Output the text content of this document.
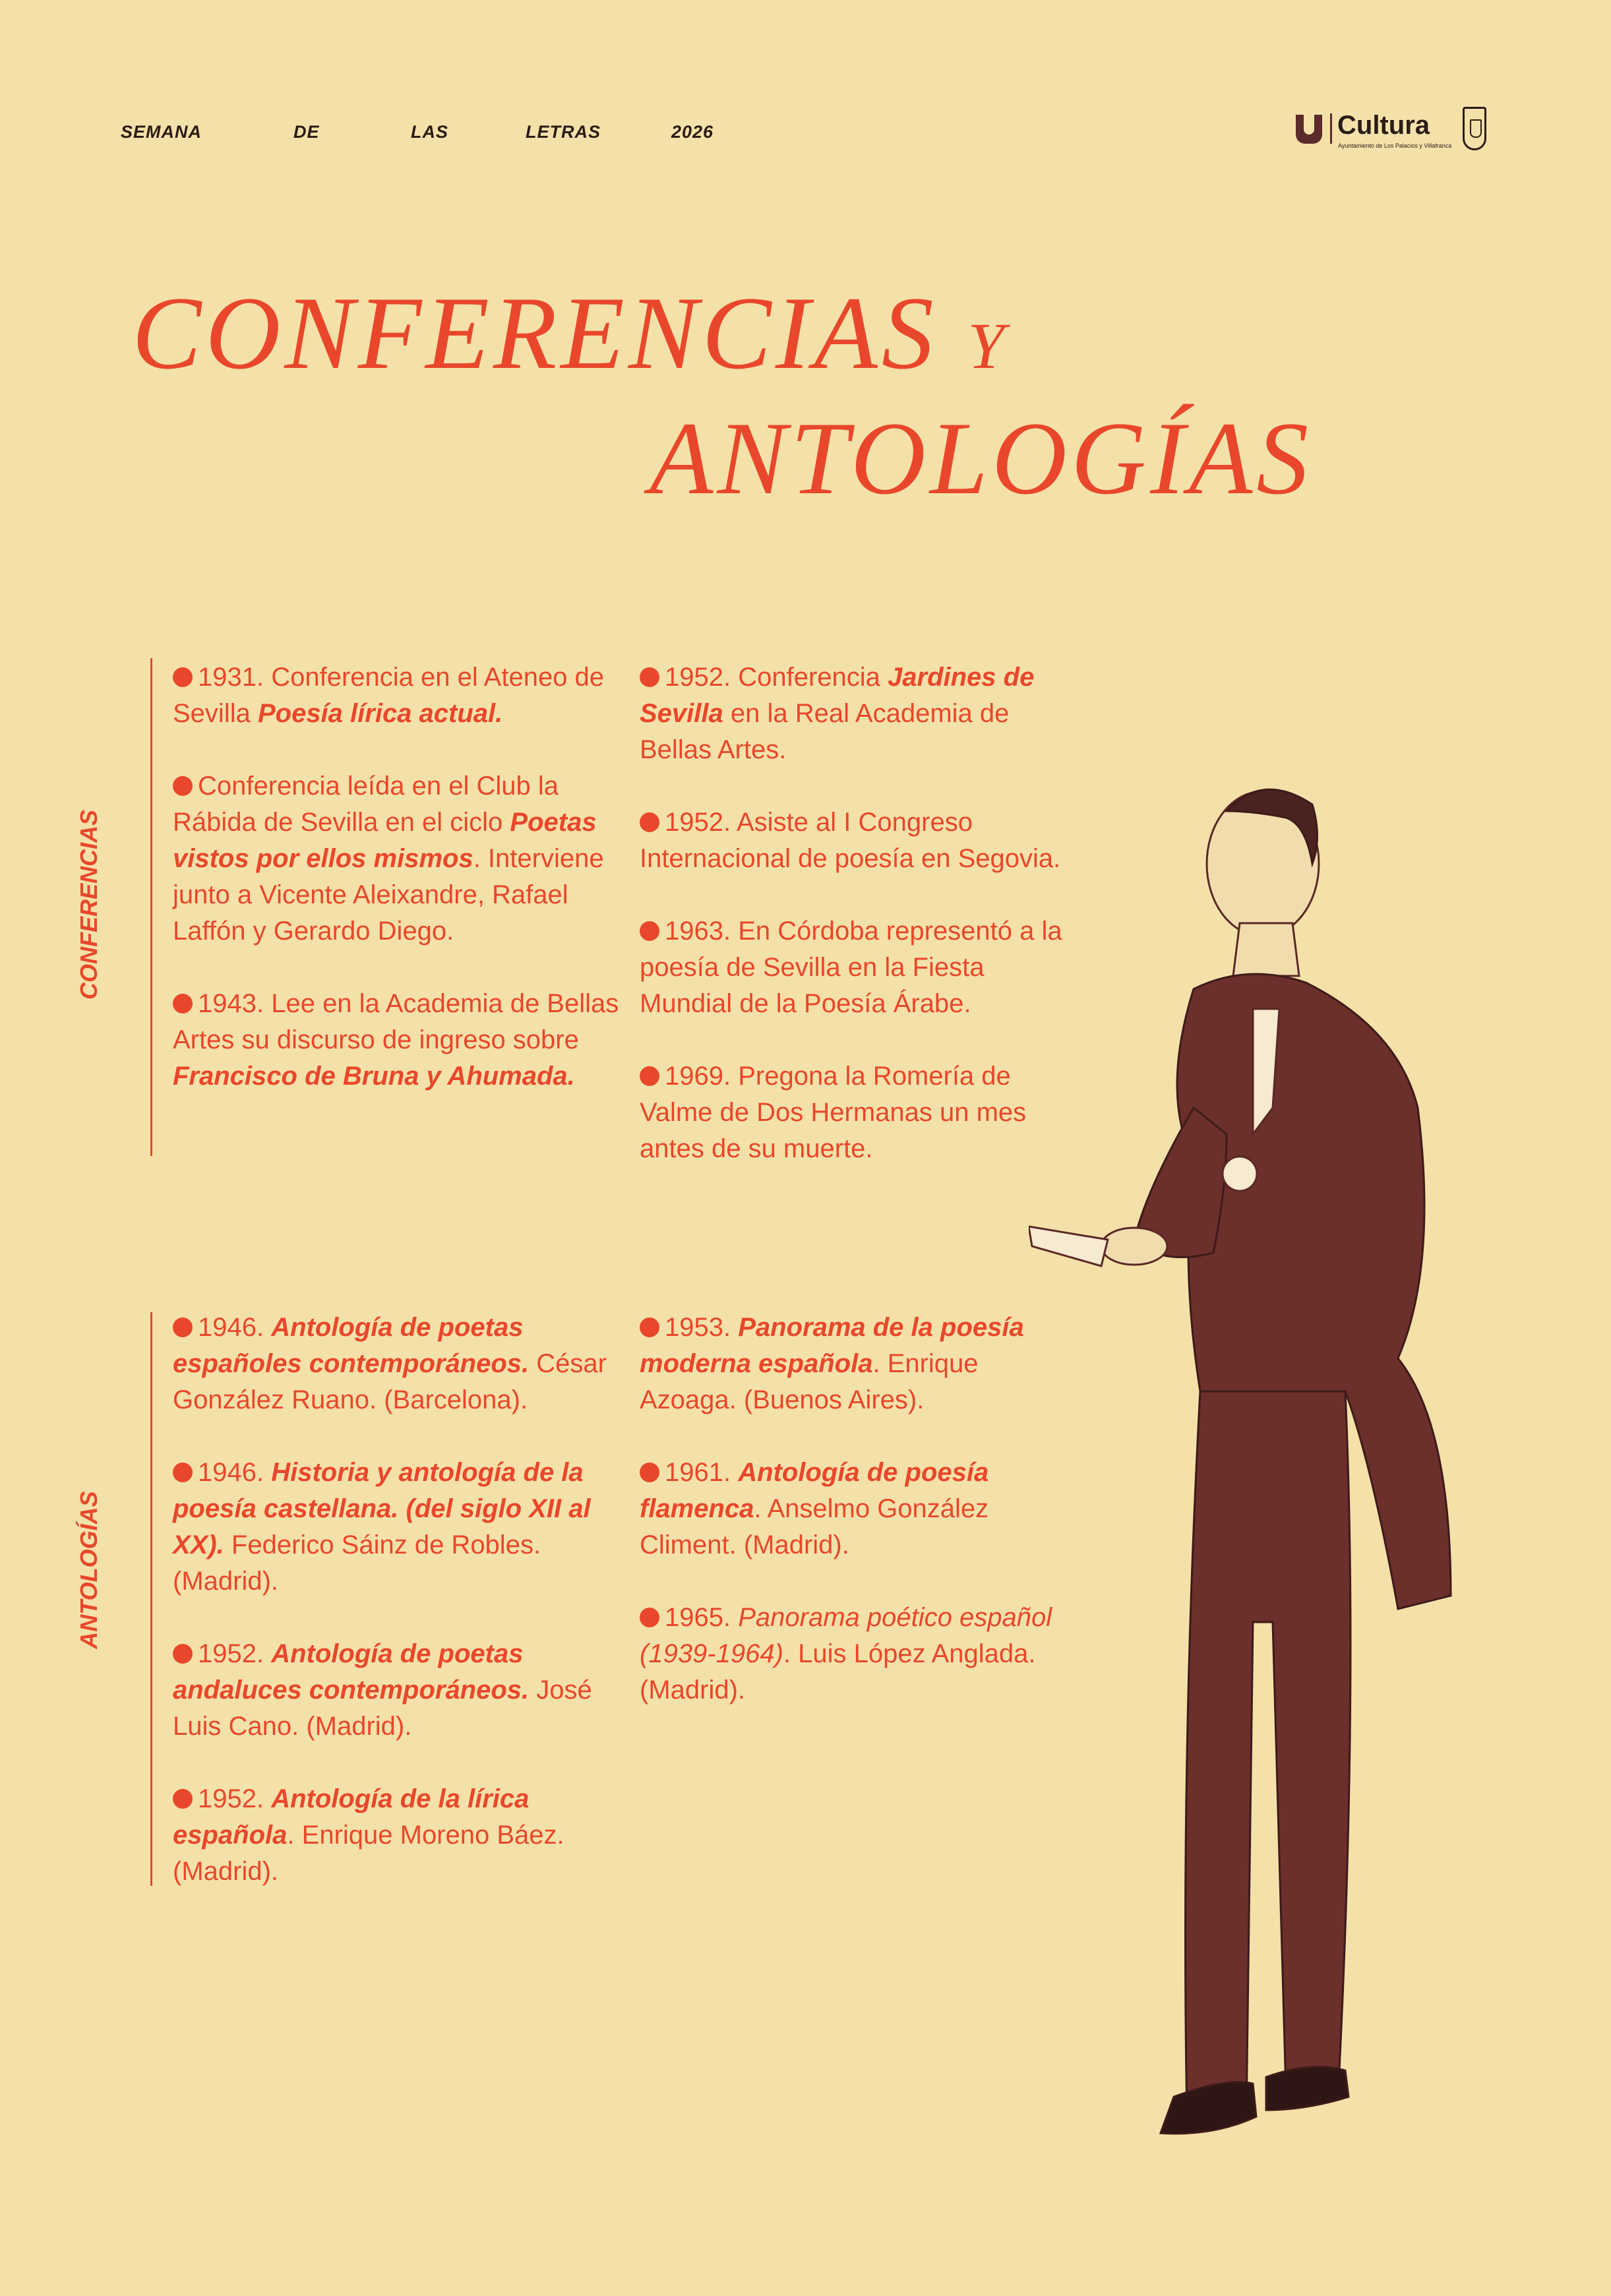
SEMANA	DE	LAS	LETRAS	2026	Cultura
Ayuntamiento de Los Palacios y Villafranca
CONFERENCIAS Y
ANTOLOGÍAS
CONFERENCIAS

1931. Conferencia en el Ateneo de Sevilla Poesía lírica actual.

Conferencia leída en el Club la Rábida de Sevilla en el ciclo Poetas vistos por ellos mismos. Interviene junto a Vicente Aleixandre, Rafael Laffón y Gerardo Diego.

1943. Lee en la Academia de Bellas Artes su discurso de ingreso sobre Francisco de Bruna y Ahumada.

1952. Conferencia Jardines de Sevilla en la Real Academia de Bellas Artes.

1952. Asiste al I Congreso Internacional de poesía en Segovia.

1963. En Córdoba representó a la poesía de Sevilla en la Fiesta Mundial de la Poesía Árabe.

1969. Pregona la Romería de Valme de Dos Hermanas un mes antes de su muerte.

ANTOLOGÍAS

1946. Antología de poetas españoles contemporáneos. César González Ruano. (Barcelona).

1946. Historia y antología de la poesía castellana. (del siglo XII al XX). Federico Sáinz de Robles. (Madrid).

1952. Antología de poetas andaluces contemporáneos. José Luis Cano. (Madrid).

1952. Antología de la lírica española. Enrique Moreno Báez. (Madrid).

1953. Panorama de la poesía moderna española. Enrique Azoaga. (Buenos Aires).

1961. Antología de poesía flamenca. Anselmo González Climent. (Madrid).

1965. Panorama poético español (1939-1964). Luis López Anglada. (Madrid).
